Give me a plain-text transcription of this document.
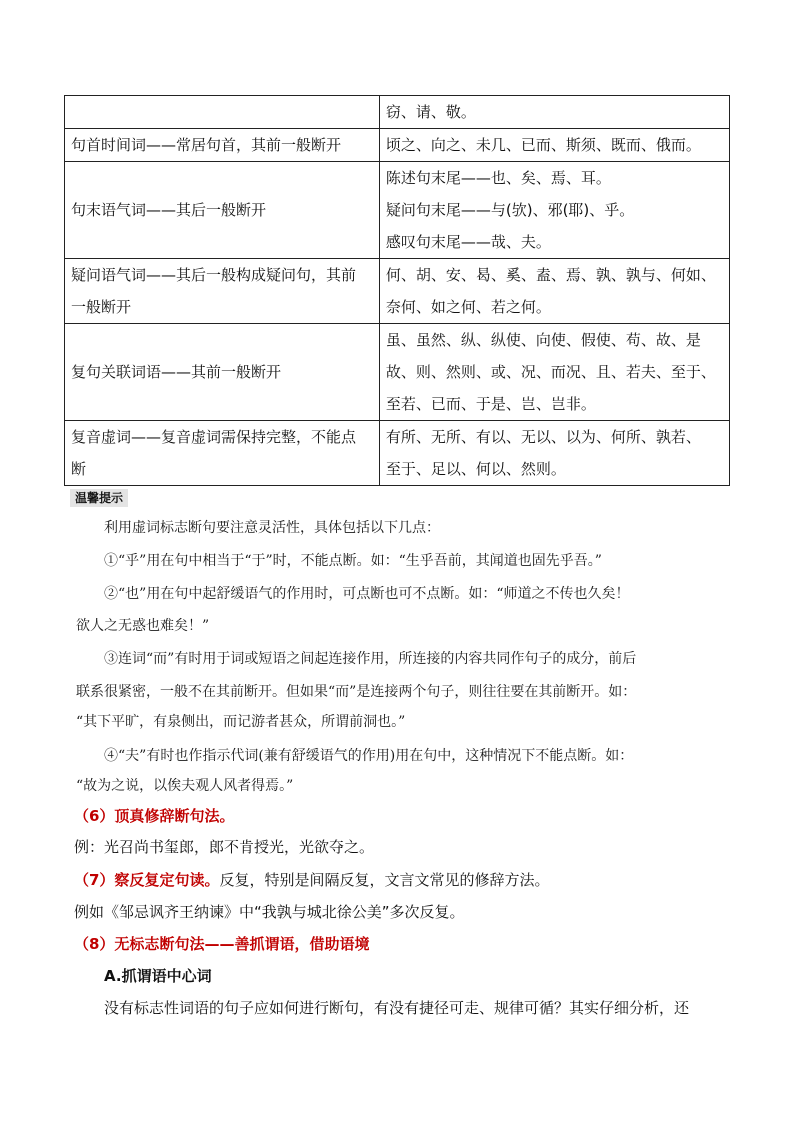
	窃、请、敬。

句首时间词——常居句首，其前一般断开	顷之、向之、未几、已而、斯须、既而、俄而。

句末语气词——其后一般断开	陈述句末尾——也、矣、焉、耳。
疑问句末尾——与(欤)、邪(耶)、乎。
感叹句末尾——哉、夫。

疑问语气词——其后一般构成疑问句，其前
一般断开	何、胡、安、曷、奚、盍、焉、孰、孰与、何如、
奈何、如之何、若之何。

复句关联词语——其前一般断开	虽、虽然、纵、纵使、向使、假使、苟、故、是
故、则、然则、或、况、而况、且、若夫、至于、
至若、已而、于是、岂、岂非。

复音虚词——复音虚词需保持完整，不能点
断	有所、无所、有以、无以、以为、何所、孰若、
至于、足以、何以、然则。
温馨提示
利用虚词标志断句要注意灵活性，具体包括以下几点：
①“乎”用在句中相当于“于”时，不能点断。如：“生乎吾前，其闻道也固先乎吾。”
②“也”用在句中起舒缓语气的作用时，可点断也可不点断。如：“师道之不传也久矣！
欲人之无惑也难矣！”
③连词“而”有时用于词或短语之间起连接作用，所连接的内容共同作句子的成分，前后
联系很紧密，一般不在其前断开。但如果“而”是连接两个句子，则往往要在其前断开。如：
“其下平旷，有泉侧出，而记游者甚众，所谓前洞也。”
④“夫”有时也作指示代词(兼有舒缓语气的作用)用在句中，这种情况下不能点断。如：
“故为之说，以俟夫观人风者得焉。”
（6）顶真修辞断句法。
例：光召尚书玺郎，郎不肯授光，光欲夺之。
（7）察反复定句读。反复，特别是间隔反复，文言文常见的修辞方法。
例如《邹忌讽齐王纳谏》中“我孰与城北徐公美”多次反复。
（8）无标志断句法——善抓谓语，借助语境
A.抓谓语中心词
没有标志性词语的句子应如何进行断句，有没有捷径可走、规律可循？其实仔细分析，还
